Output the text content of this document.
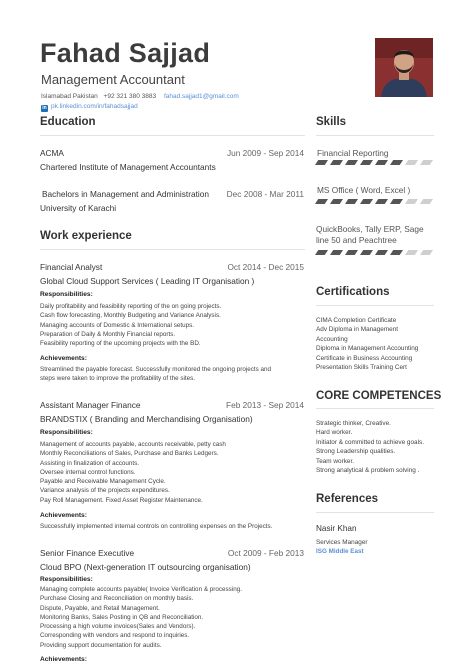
Fahad Sajjad
Management Accountant
Islamabad Pakistan +92 321 380 3883 fahad.sajjad1@gmail.com
in pk.linkedin.com/in/fahadsajjad
Education
ACMA	Jun 2009 - Sep 2014
Chartered Institute of Management Accountants
Bachelors in Management and Administration	Dec 2008 - Mar 2011
University of Karachi
Work experience
Financial Analyst	Oct 2014 - Dec 2015
Global Cloud Support Services ( Leading IT Organisation )
Responsibilities:
Daily profitability and feasibility reporting of the on going projects.
Cash flow forecasting, Monthly Budgeting and Variance Analysis.
Managing accounts of Domestic & International setups.
Preparation of Daily & Monthly Financial reports.
Feasibility reporting of the upcoming projects with the BD.
Achievements:
Streamlined the payable forecast. Successfully monitored the ongoing projects and
steps were taken to improve the profitability of the sites.
Assistant Manager Finance	Feb 2013 - Sep 2014
BRANDSTIX ( Branding and Merchandising Organisation)
Responsibilities:
Management of accounts payable, accounts receivable, petty cash
Monthly Reconciliations of Sales, Purchase and Banks Ledgers.
Assisting in finalization of accounts.
Oversee internal control functions.
Payable and Receivable Management Cycle.
Variance analysis of the projects expenditures.
Pay Roll Management. Fixed Asset Register Maintenance.
Achievements:
Successfully implemented internal controls on controlling expenses on the Projects.
Senior Finance Executive	Oct 2009 - Feb 2013
Cloud BPO (Next-generation IT outsourcing organisation)
Responsibilities:
Managing complete accounts payable( Invoice Verification & processing.
Purchase Closing and Reconciliation on monthly basis.
Dispute, Payable, and Retail Management.
Monitoring Banks, Sales Posting in QB and Reconciliation.
Processing a high volume invoices(Sales and Vendors).
Corresponding with vendors and respond to inquiries.
Providing support documentation for audits.
Achievements:
Skills
Financial Reporting
MS Office ( Word, Excel )
QuickBooks, Tally ERP, Sage
line 50 and Peachtree
Certifications
CIMA Completion Certificate
Adv Diploma in Management
Accounting
Diploma in Management Accounting
Certificate in Business Accounting
Presentation Skills Training Cert
CORE COMPETENCES
Strategic thinker, Creative.
Hard worker.
Initiator & committed to achieve goals.
Strong Leadership qualities.
Team worker.
Strong analytical & problem solving .
References
Nasir Khan
Services Manager
ISG Middle East
